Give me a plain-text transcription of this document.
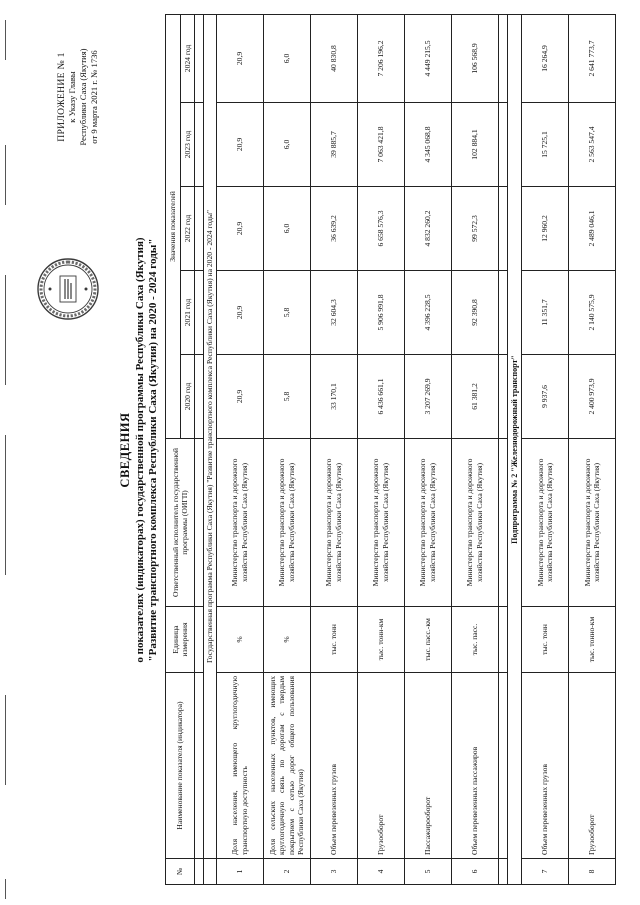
ПРИЛОЖЕНИЕ № 1 к Указу Главы Республики Саха (Якутия) от 9 марта 2021 г. № 1736
СВЕДЕНИЯ о показателях (индикаторах) государственной программы Республики Саха (Якутия) "Развитие транспортного комплекса Республики Саха (Якутия) на 2020 - 2024 годы"
№	Наименование показателя (индикатора)	Единица измерения	Ответственный исполнитель государственной программы (ОИГП)	Значения показателей				
				2020 год	2021 год	2022 год	2023 год	2024 год

	Государственная программа Республики Саха (Якутия) "Развитие транспортного комплекса Республики Саха (Якутия) на 2020 - 2024 годы"							
1	Доля населения, имеющего круглогодичную транспортную доступность	%	Министерство транспорта и дорожного хозяйства Республики Саха (Якутия)	20,9	20,9	20,9	20,9	20,9
2	Доля сельских населенных пунктов, имеющих круглогодичную связь по дорогам с твердым покрытием с сетью дорог общего пользования Республики Саха (Якутия)	%	Министерство транспорта и дорожного хозяйства Республики Саха (Якутия)	5,8	5,8	6,0	6,0	6,0
3	Объем перевезенных грузов	тыс. тонн	Министерство транспорта и дорожного хозяйства Республики Саха (Якутия)	33 170,1	32 604,3	36 639,2	39 885,7	40 830,8
4	Грузооборот	тыс. тонн-км	Министерство транспорта и дорожного хозяйства Республики Саха (Якутия)	6 436 661,1	5 906 991,8	6 658 576,3	7 063 421,8	7 206 196,2
5	Пассажирооборот	тыс. пасс.-км	Министерство транспорта и дорожного хозяйства Республики Саха (Якутия)	3 207 269,9	4 396 228,5	4 832 260,2	4 345 068,8	4 449 215,5
6	Объем перевезенных пассажиров	тыс. пасс.	Министерство транспорта и дорожного хозяйства Республики Саха (Якутия)	61 381,2	92 390,8	99 572,3	102 884,1	106 568,9

Подпрограмма № 2 "Железнодорожный транспорт"								
7	Объем перевезенных грузов	тыс. тонн	Министерство транспорта и дорожного хозяйства Республики Саха (Якутия)	9 937,6	11 351,7	12 960,2	15 725,1	16 264,9
8	Грузооборот	тыс. тонно-км	Министерство транспорта и дорожного хозяйства Республики Саха (Якутия)	2 400 973,9	2 140 575,9	2 489 046,1	2 563 547,4	2 641 773,7
